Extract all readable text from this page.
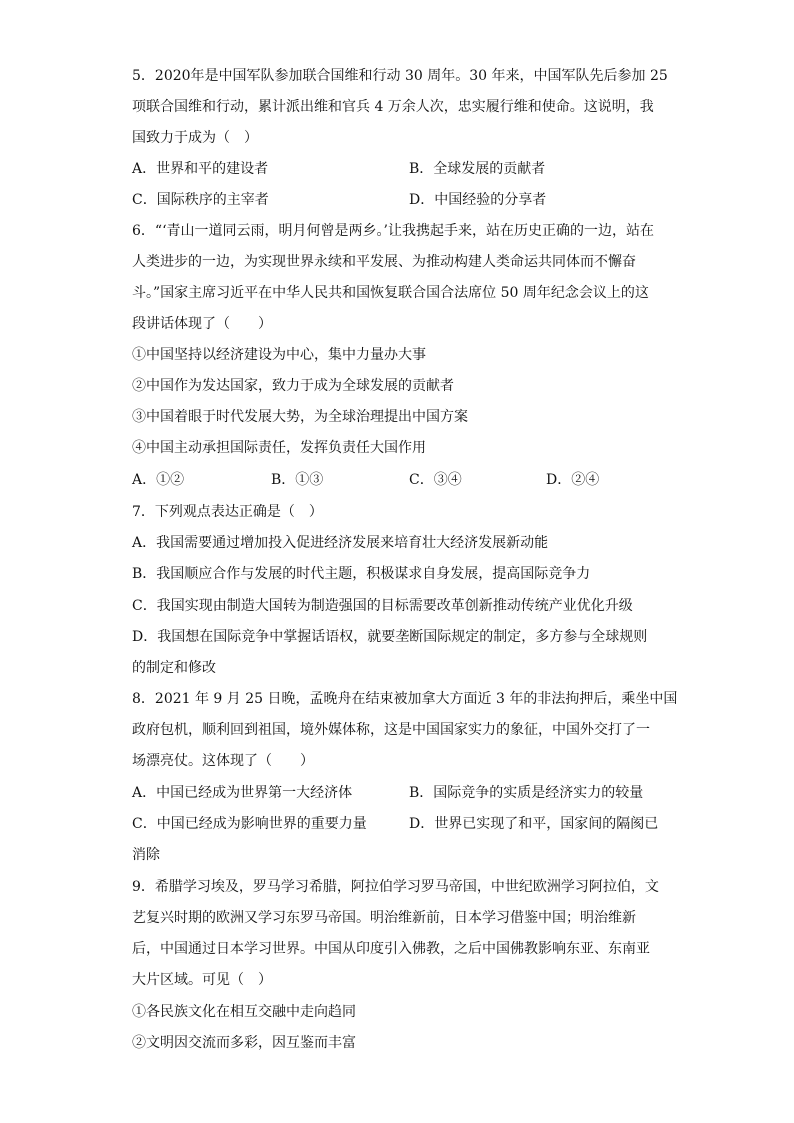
5．2020年是中国军队参加联合国维和行动 30 周年。30 年来，中国军队先后参加 25
项联合国维和行动，累计派出维和官兵 4 万余人次，忠实履行维和使命。这说明，我
国致力于成为（　）
A．世界和平的建设者	B．全球发展的贡献者
C．国际秩序的主宰者	D．中国经验的分享者
6．“‘青山一道同云雨，明月何曾是两乡。’让我携起手来，站在历史正确的一边，站在
人类进步的一边，为实现世界永续和平发展、为推动构建人类命运共同体而不懈奋
斗。”国家主席习近平在中华人民共和国恢复联合国合法席位 50 周年纪念会议上的这
段讲话体现了（　　）
①中国坚持以经济建设为中心，集中力量办大事
②中国作为发达国家，致力于成为全球发展的贡献者
③中国着眼于时代发展大势，为全球治理提出中国方案
④中国主动承担国际责任，发挥负责任大国作用
A．①②	B．①③	C．③④	D．②④
7．下列观点表达正确是（　）
A．我国需要通过增加投入促进经济发展来培育壮大经济发展新动能
B．我国顺应合作与发展的时代主题，积极谋求自身发展，提高国际竞争力
C．我国实现由制造大国转为制造强国的目标需要改革创新推动传统产业优化升级
D．我国想在国际竞争中掌握话语权，就要垄断国际规定的制定，多方参与全球规则
的制定和修改
8．2021 年 9 月 25 日晚，孟晚舟在结束被加拿大方面近 3 年的非法拘押后，乘坐中国
政府包机，顺利回到祖国，境外媒体称，这是中国国家实力的象征，中国外交打了一
场漂亮仗。这体现了（　　）
A．中国已经成为世界第一大经济体	B．国际竞争的实质是经济实力的较量
C．中国已经成为影响世界的重要力量	D．世界已实现了和平，国家间的隔阂已
消除
9．希腊学习埃及，罗马学习希腊，阿拉伯学习罗马帝国，中世纪欧洲学习阿拉伯，文
艺复兴时期的欧洲又学习东罗马帝国。明治维新前，日本学习借鉴中国；明治维新
后，中国通过日本学习世界。中国从印度引入佛教，之后中国佛教影响东亚、东南亚
大片区域。可见（　）
①各民族文化在相互交融中走向趋同
②文明因交流而多彩，因互鉴而丰富
